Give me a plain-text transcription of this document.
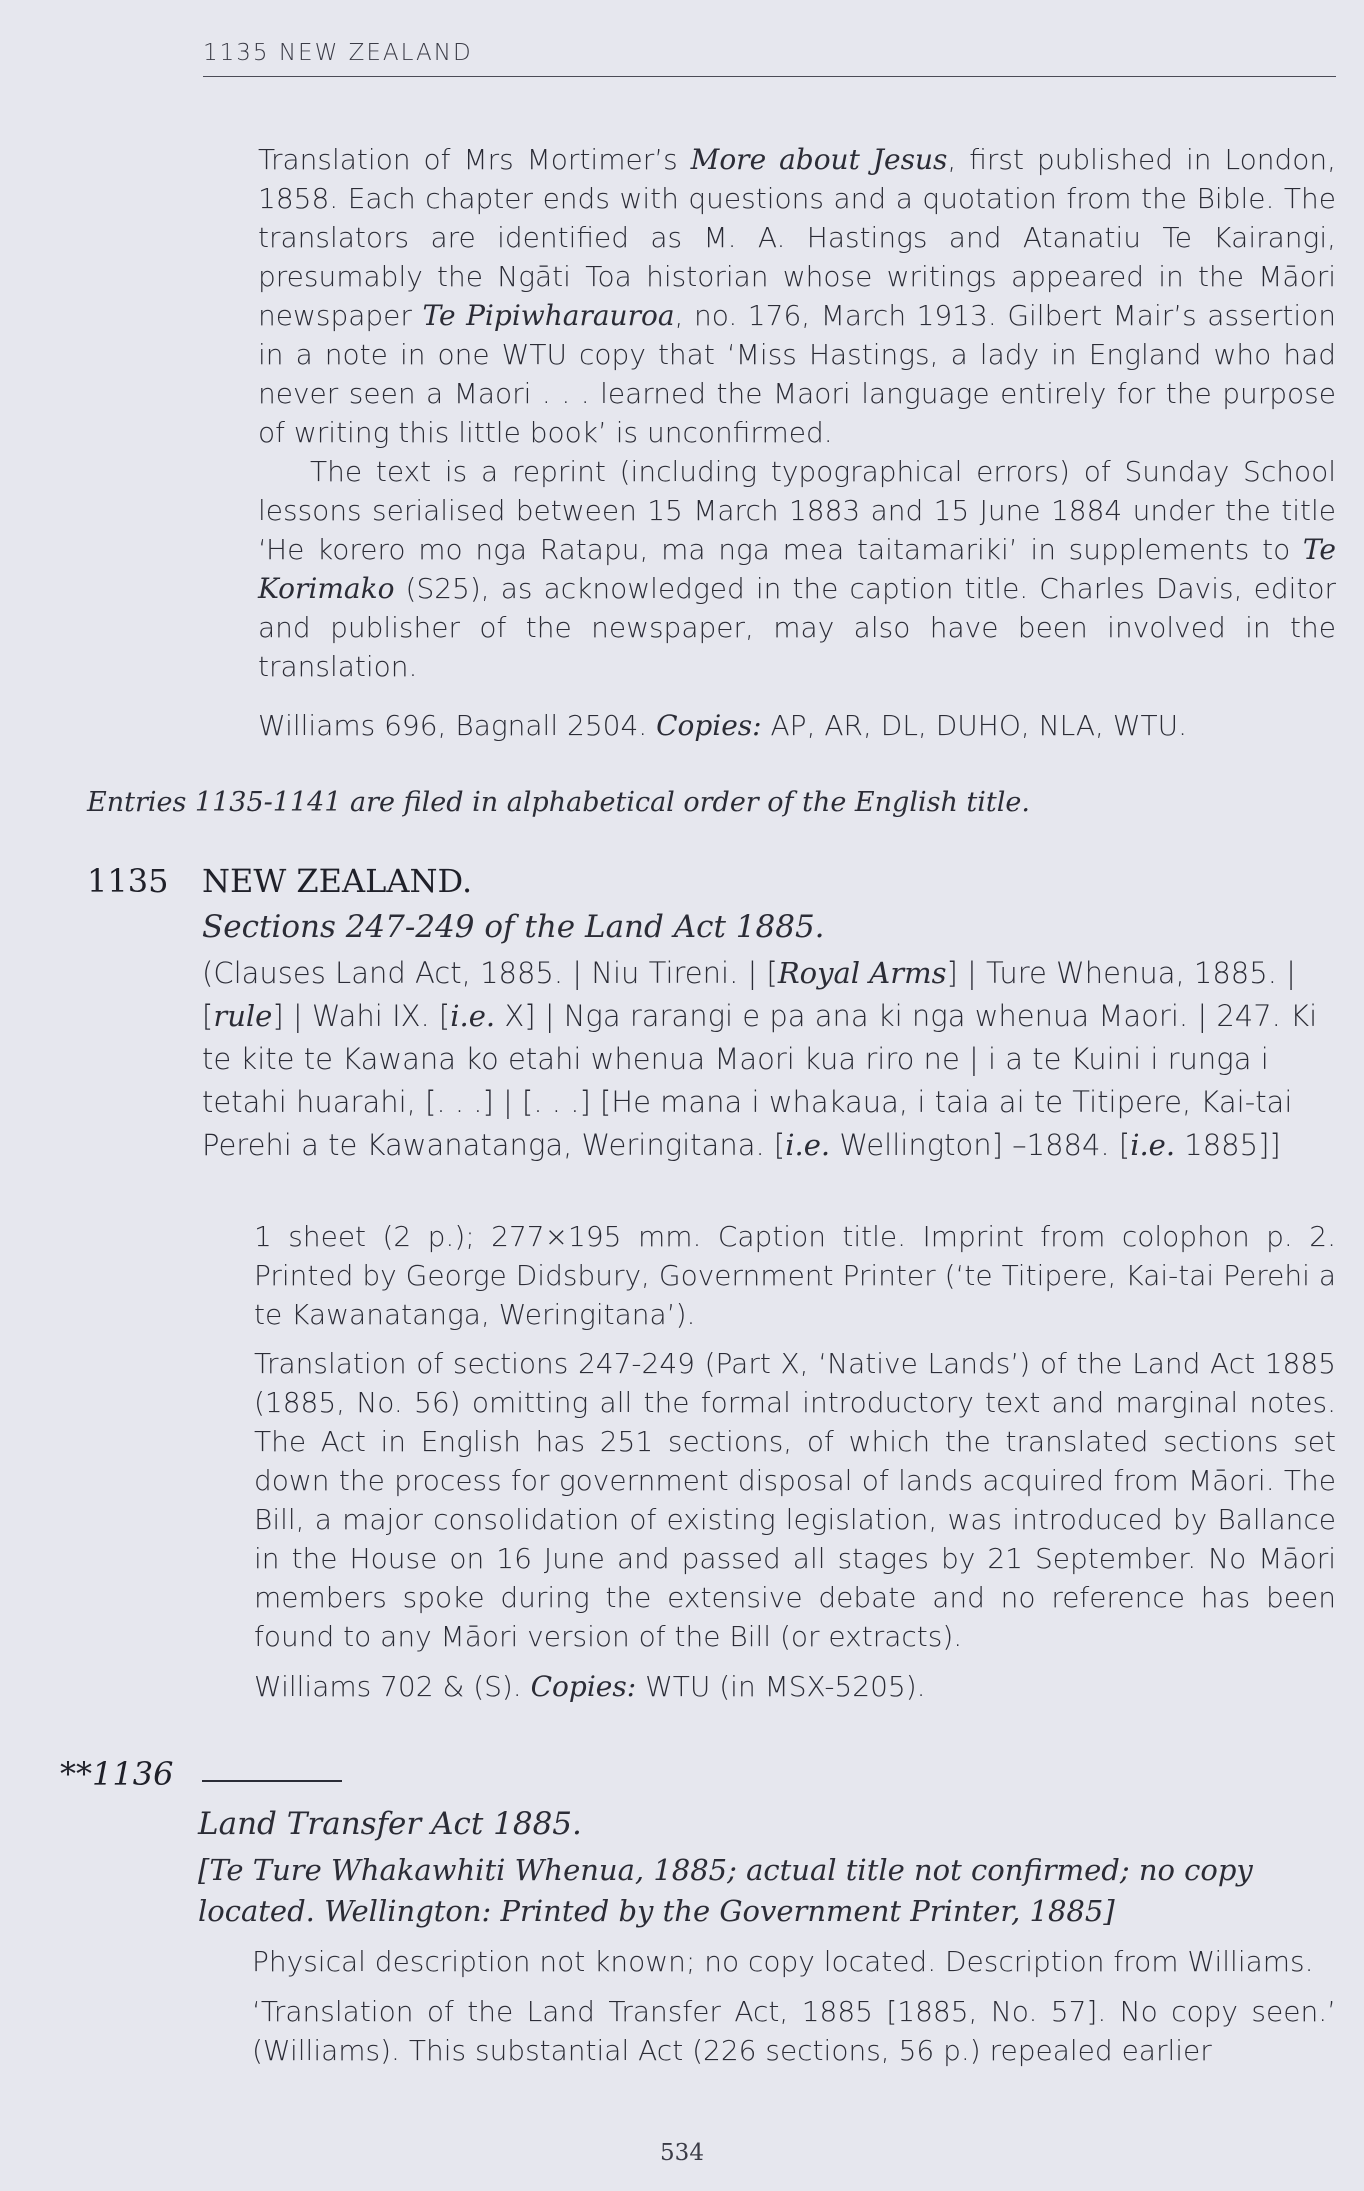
1135 NEW ZEALAND

Translation of Mrs Mortimer’s More about Jesus, first published in London, 1858. Each chapter ends with questions and a quotation from the Bible. The translators are identified as M. A. Hastings and Atanatiu Te Kairangi, presumably the Ngāti Toa historian whose writings appeared in the Māori newspaper Te Pipiwharauroa, no. 176, March 1913. Gilbert Mair’s assertion in a note in one WTU copy that ‘Miss Hastings, a lady in England who had never seen a Maori . . . learned the Maori language entirely for the purpose of writing this little book’ is unconfirmed.

The text is a reprint (including typographical errors) of Sunday School lessons serialised between 15 March 1883 and 15 June 1884 under the title ‘He korero mo nga Ratapu, ma nga mea taitamariki’ in supplements to Te Korimako (S25), as acknowledged in the caption title. Charles Davis, editor and publisher of the newspaper, may also have been involved in the translation.

Williams 696, Bagnall 2504. Copies: AP, AR, DL, DUHO, NLA, WTU.
Entries 1135-1141 are filed in alphabetical order of the English title.
1135 NEW ZEALAND.
Sections 247-249 of the Land Act 1885.
(Clauses Land Act, 1885. | Niu Tireni. | [Royal Arms] | Ture Whenua, 1885. | [rule] | Wahi IX. [i.e. X] | Nga rarangi e pa ana ki nga whenua Maori. | 247. Ki te kite te Kawana ko etahi whenua Maori kua riro ne | i a te Kuini i runga i tetahi huarahi, [. . .] | [. . .] [He mana i whakaua, i taia ai te Titipere, Kai-tai Perehi a te Kawanatanga, Weringitana. [i.e. Wellington] –1884. [i.e. 1885]]
1 sheet (2 p.); 277×195 mm. Caption title. Imprint from colophon p. 2. Printed by George Didsbury, Government Printer (‘te Titipere, Kai-tai Perehi a te Kawanatanga, Weringitana’).
Translation of sections 247-249 (Part X, ‘Native Lands’) of the Land Act 1885 (1885, No. 56) omitting all the formal introductory text and marginal notes. The Act in English has 251 sections, of which the translated sections set down the process for government disposal of lands acquired from Māori. The Bill, a major consolidation of existing legislation, was introduced by Ballance in the House on 16 June and passed all stages by 21 September. No Māori members spoke during the extensive debate and no reference has been found to any Māori version of the Bill (or extracts).
Williams 702 & (S). Copies: WTU (in MSX-5205).
**1136
Land Transfer Act 1885.
[Te Ture Whakawhiti Whenua, 1885; actual title not confirmed; no copy located. Wellington: Printed by the Government Printer, 1885]
Physical description not known; no copy located. Description from Williams.
‘Translation of the Land Transfer Act, 1885 [1885, No. 57]. No copy seen.’ (Williams). This substantial Act (226 sections, 56 p.) repealed earlier
534
